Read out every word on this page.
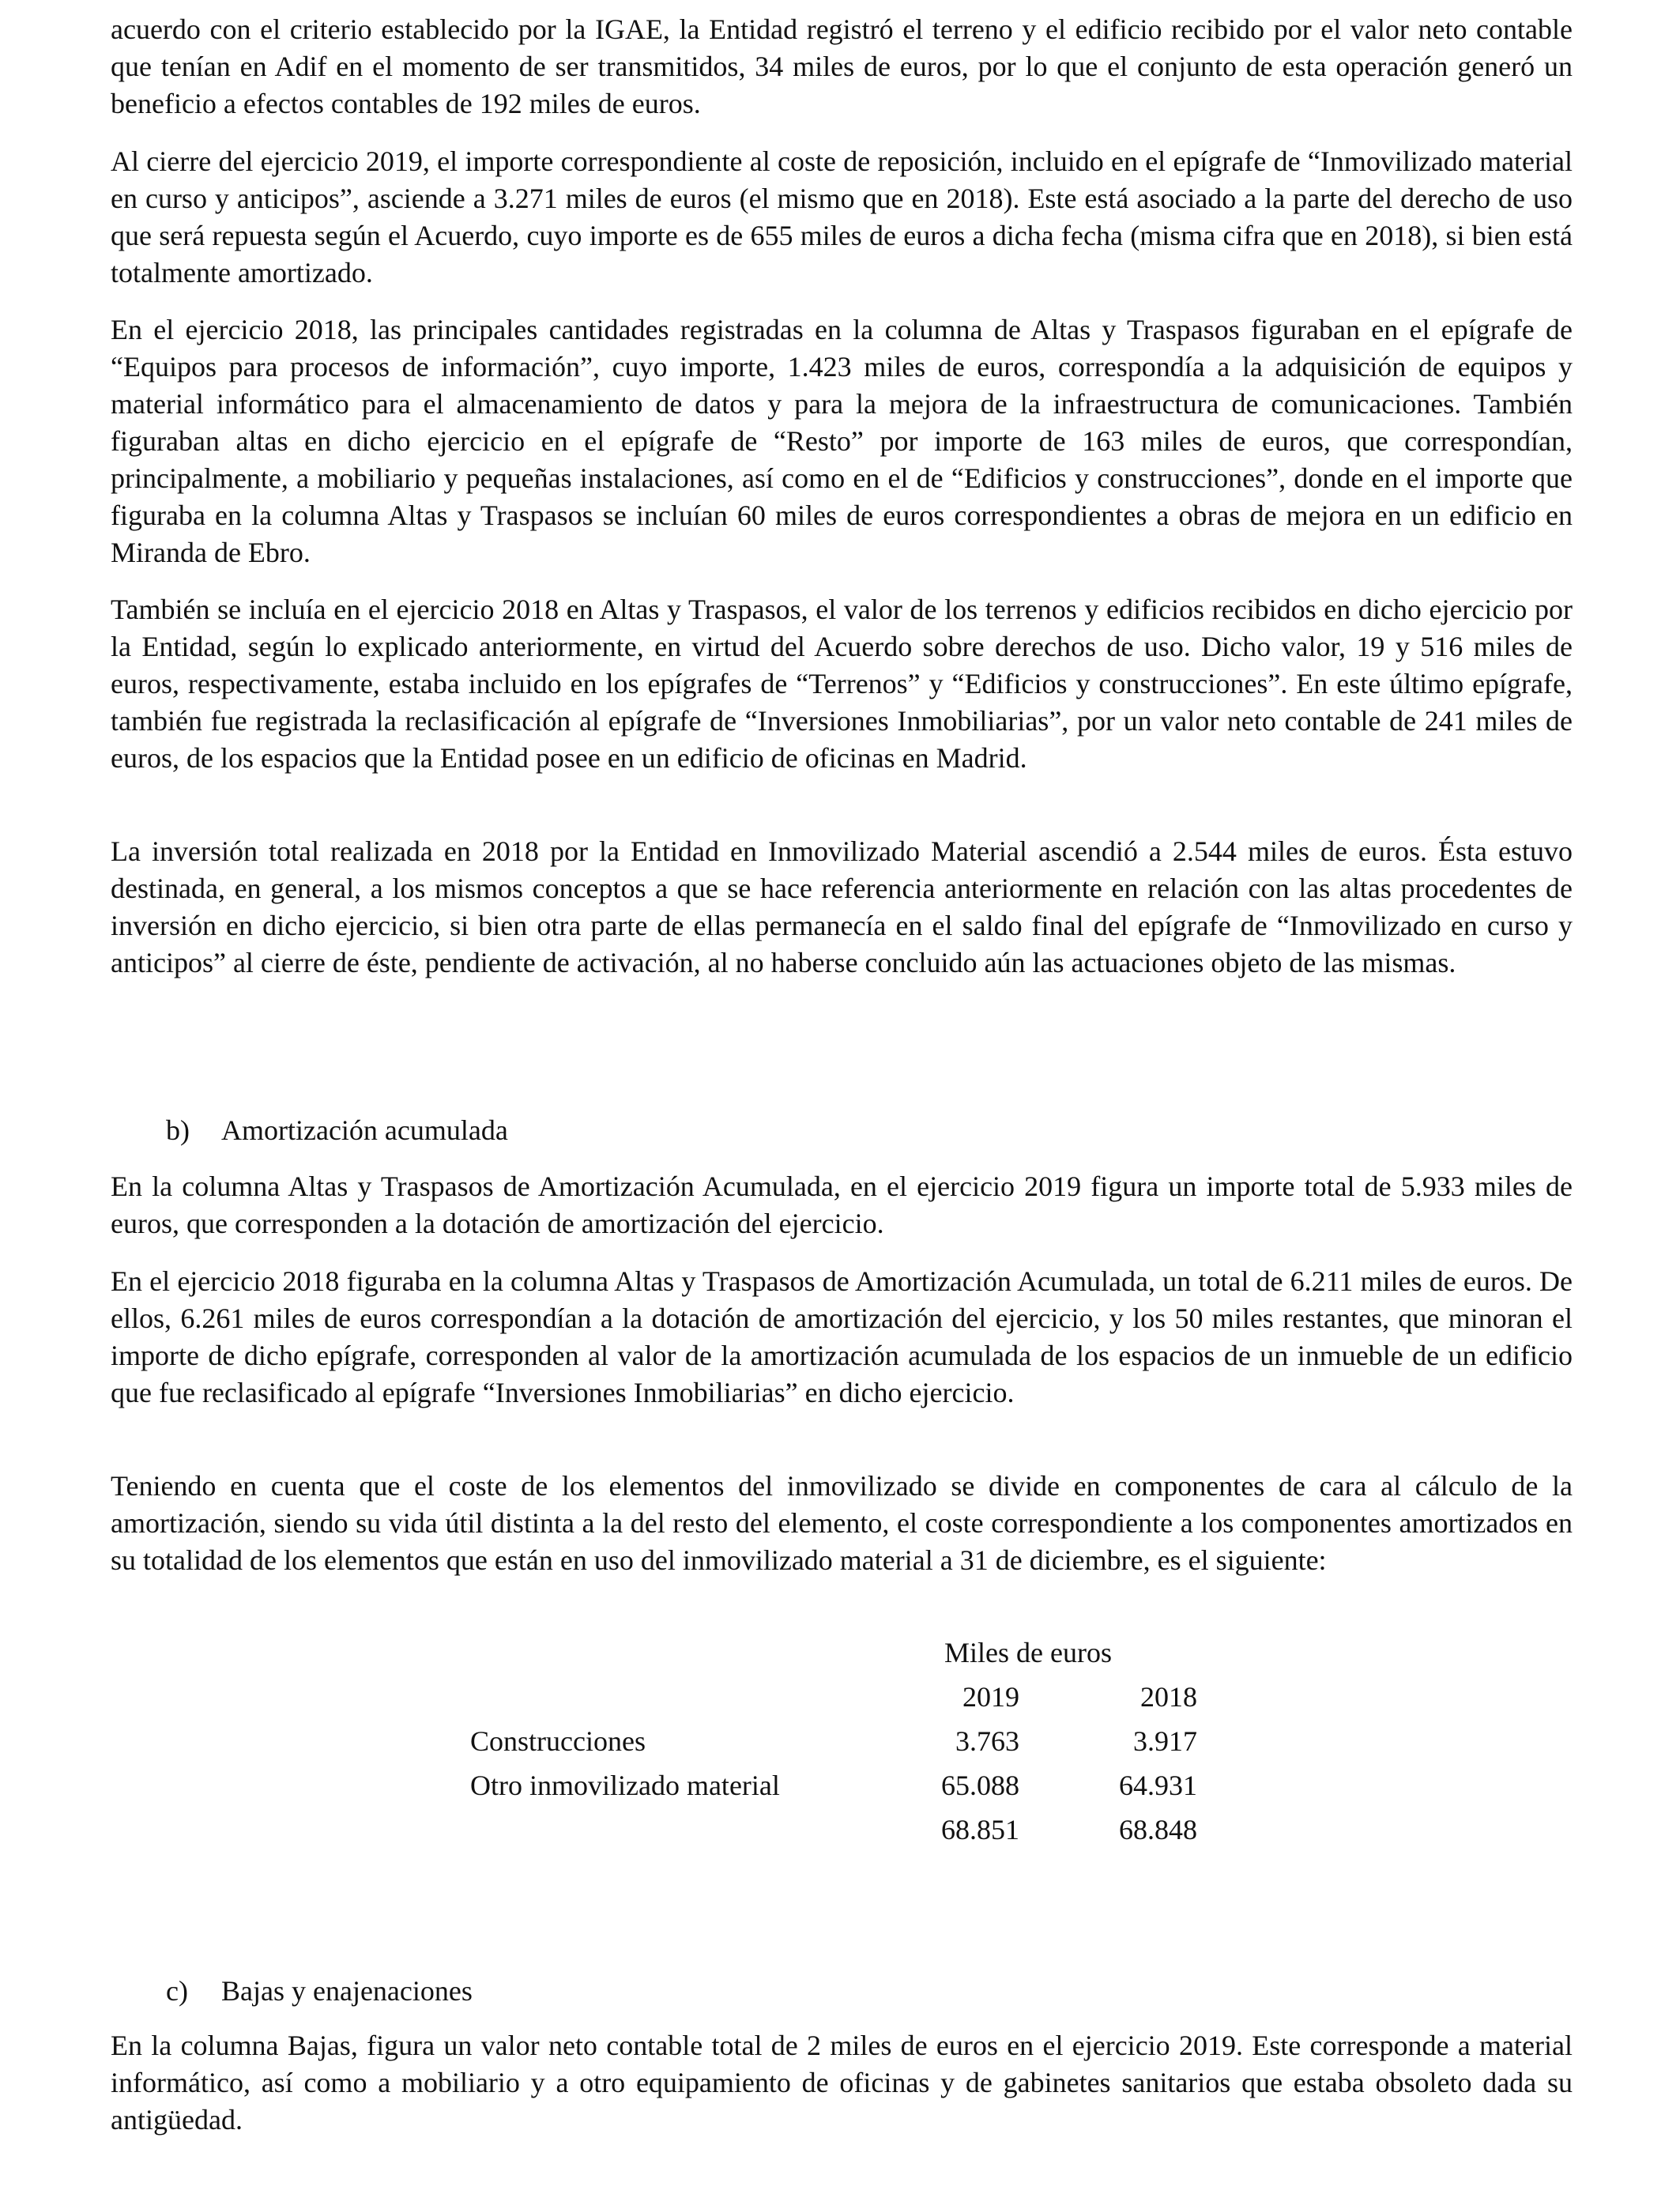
acuerdo con el criterio establecido por la IGAE, la Entidad registró el terreno y el edificio recibido por el valor neto contable que tenían en Adif en el momento de ser transmitidos, 34 miles de euros, por lo que el conjunto de esta operación generó un beneficio a efectos contables de 192 miles de euros.

Al cierre del ejercicio 2019, el importe correspondiente al coste de reposición, incluido en el epígrafe de “Inmovilizado material en curso y anticipos”, asciende a 3.271 miles de euros (el mismo que en 2018). Este está asociado a la parte del derecho de uso que será repuesta según el Acuerdo, cuyo importe es de 655 miles de euros a dicha fecha (misma cifra que en 2018), si bien está totalmente amortizado.

En el ejercicio 2018, las principales cantidades registradas en la columna de Altas y Traspasos figuraban en el epígrafe de “Equipos para procesos de información”, cuyo importe, 1.423 miles de euros, correspondía a la adquisición de equipos y material informático para el almacenamiento de datos y para la mejora de la infraestructura de comunicaciones. También figuraban altas en dicho ejercicio en el epígrafe de “Resto” por importe de 163 miles de euros, que correspondían, principalmente, a mobiliario y pequeñas instalaciones, así como en el de “Edificios y construcciones”, donde en el importe que figuraba en la columna Altas y Traspasos se incluían 60 miles de euros correspondientes a obras de mejora en un edificio en Miranda de Ebro.

También se incluía en el ejercicio 2018 en Altas y Traspasos, el valor de los terrenos y edificios recibidos en dicho ejercicio por la Entidad, según lo explicado anteriormente, en virtud del Acuerdo sobre derechos de uso. Dicho valor, 19 y 516 miles de euros, respectivamente, estaba incluido en los epígrafes de “Terrenos” y “Edificios y construcciones”. En este último epígrafe, también fue registrada la reclasificación al epígrafe de “Inversiones Inmobiliarias”, por un valor neto contable de 241 miles de euros, de los espacios que la Entidad posee en un edificio de oficinas en Madrid.

La inversión total realizada en 2018 por la Entidad en Inmovilizado Material ascendió a 2.544 miles de euros. Ésta estuvo destinada, en general, a los mismos conceptos a que se hace referencia anteriormente en relación con las altas procedentes de inversión en dicho ejercicio, si bien otra parte de ellas permanecía en el saldo final del epígrafe de “Inmovilizado en curso y anticipos” al cierre de éste, pendiente de activación, al no haberse concluido aún las actuaciones objeto de las mismas.

b) Amortización acumulada

En la columna Altas y Traspasos de Amortización Acumulada, en el ejercicio 2019 figura un importe total de 5.933 miles de euros, que corresponden a la dotación de amortización del ejercicio.

En el ejercicio 2018 figuraba en la columna Altas y Traspasos de Amortización Acumulada, un total de 6.211 miles de euros. De ellos, 6.261 miles de euros correspondían a la dotación de amortización del ejercicio, y los 50 miles restantes, que minoran el importe de dicho epígrafe, corresponden al valor de la amortización acumulada de los espacios de un inmueble de un edificio que fue reclasificado al epígrafe “Inversiones Inmobiliarias” en dicho ejercicio.

Teniendo en cuenta que el coste de los elementos del inmovilizado se divide en componentes de cara al cálculo de la amortización, siendo su vida útil distinta a la del resto del elemento, el coste correspondiente a los componentes amortizados en su totalidad de los elementos que están en uso del inmovilizado material a 31 de diciembre, es el siguiente:

Miles de euros
2019	2018
Construcciones	3.763	3.917
Otro inmovilizado material	65.088	64.931
68.851	68.848
c) Bajas y enajenaciones

En la columna Bajas, figura un valor neto contable total de 2 miles de euros en el ejercicio 2019. Este corresponde a material informático, así como a mobiliario y a otro equipamiento de oficinas y de gabinetes sanitarios que estaba obsoleto dada su antigüedad.
